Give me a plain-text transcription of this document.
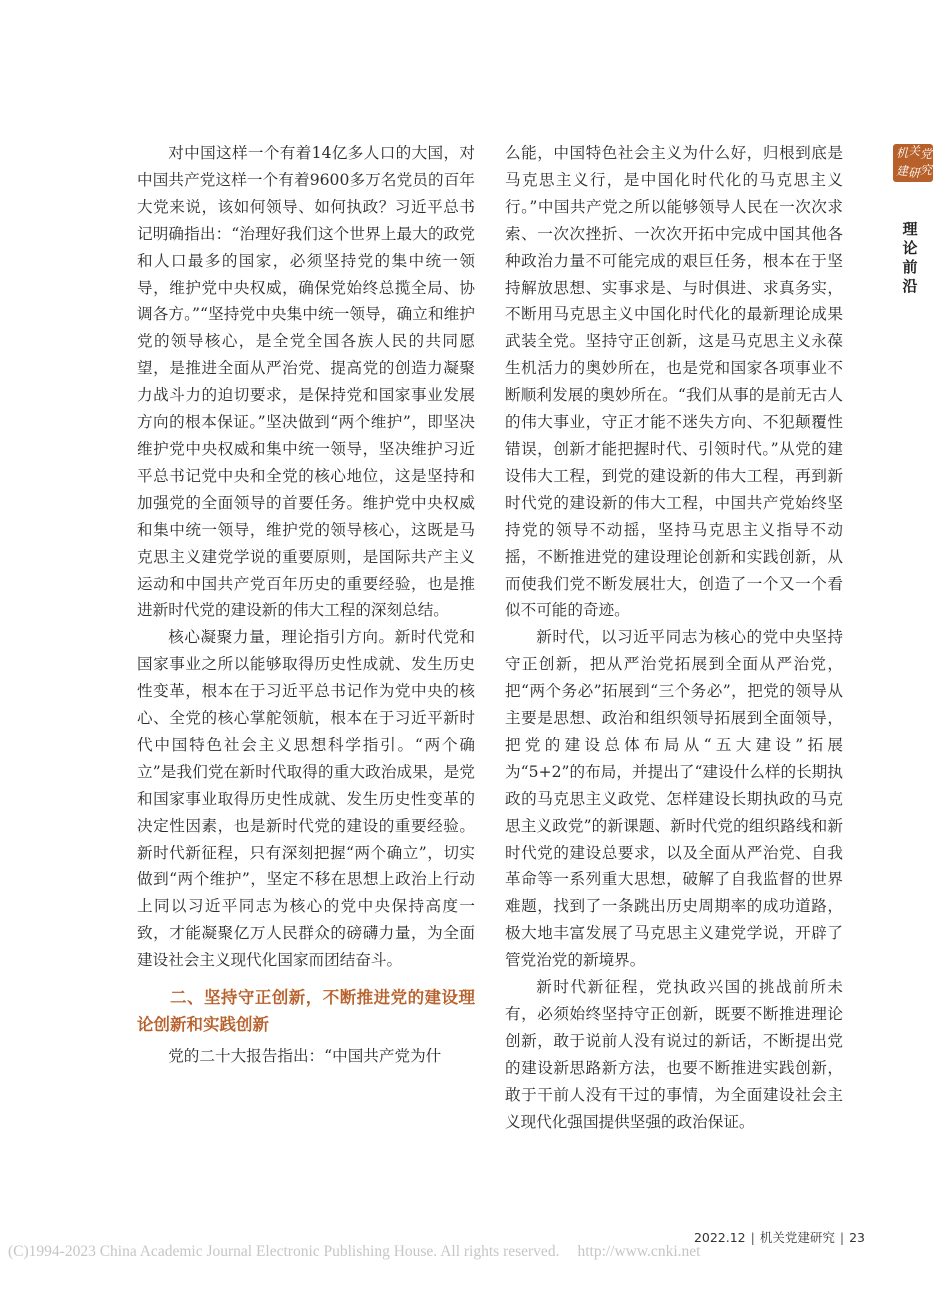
机 关 党
建 研 究
理
论
前
沿

对中国这样一个有着14亿多人口的大国，对中国共产党这样一个有着9600多万名党员的百年大党来说，该如何领导、如何执政？习近平总书记明确指出：“治理好我们这个世界上最大的政党和人口最多的国家，必须坚持党的集中统一领导，维护党中央权威，确保党始终总揽全局、协调各方。”“坚持党中央集中统一领导，确立和维护党的领导核心，是全党全国各族人民的共同愿望，是推进全面从严治党、提高党的创造力凝聚力战斗力的迫切要求，是保持党和国家事业发展方向的根本保证。”坚决做到“两个维护”，即坚决维护党中央权威和集中统一领导，坚决维护习近平总书记党中央和全党的核心地位，这是坚持和加强党的全面领导的首要任务。维护党中央权威和集中统一领导，维护党的领导核心，这既是马克思主义建党学说的重要原则，是国际共产主义运动和中国共产党百年历史的重要经验，也是推进新时代党的建设新的伟大工程的深刻总结。

核心凝聚力量，理论指引方向。新时代党和国家事业之所以能够取得历史性成就、发生历史性变革，根本在于习近平总书记作为党中央的核心、全党的核心掌舵领航，根本在于习近平新时代中国特色社会主义思想科学指引。“两个确立”是我们党在新时代取得的重大政治成果，是党和国家事业取得历史性成就、发生历史性变革的决定性因素，也是新时代党的建设的重要经验。新时代新征程，只有深刻把握“两个确立”，切实做到“两个维护”，坚定不移在思想上政治上行动上同以习近平同志为核心的党中央保持高度一致，才能凝聚亿万人民群众的磅礴力量，为全面建设社会主义现代化国家而团结奋斗。

二、坚持守正创新，不断推进党的建设理论创新和实践创新

党的二十大报告指出：“中国共产党为什

么能，中国特色社会主义为什么好，归根到底是马克思主义行，是中国化时代化的马克思主义行。”中国共产党之所以能够领导人民在一次次求索、一次次挫折、一次次开拓中完成中国其他各种政治力量不可能完成的艰巨任务，根本在于坚持解放思想、实事求是、与时俱进、求真务实，不断用马克思主义中国化时代化的最新理论成果武装全党。坚持守正创新，这是马克思主义永葆生机活力的奥妙所在，也是党和国家各项事业不断顺利发展的奥妙所在。“我们从事的是前无古人的伟大事业，守正才能不迷失方向、不犯颠覆性错误，创新才能把握时代、引领时代。”从党的建设伟大工程，到党的建设新的伟大工程，再到新时代党的建设新的伟大工程，中国共产党始终坚持党的领导不动摇，坚持马克思主义指导不动摇，不断推进党的建设理论创新和实践创新，从而使我们党不断发展壮大，创造了一个又一个看似不可能的奇迹。

新时代，以习近平同志为核心的党中央坚持守正创新，把从严治党拓展到全面从严治党，把“两个务必”拓展到“三个务必”，把党的领导从主要是思想、政治和组织领导拓展到全面领导，把党的建设总体布局从“五大建设”拓展为“5+2”的布局，并提出了“建设什么样的长期执政的马克思主义政党、怎样建设长期执政的马克思主义政党”的新课题、新时代党的组织路线和新时代党的建设总要求，以及全面从严治党、自我革命等一系列重大思想，破解了自我监督的世界难题，找到了一条跳出历史周期率的成功道路，极大地丰富发展了马克思主义建党学说，开辟了管党治党的新境界。

新时代新征程，党执政兴国的挑战前所未有，必须始终坚持守正创新，既要不断推进理论创新，敢于说前人没有说过的新话，不断提出党的建设新思路新方法，也要不断推进实践创新，敢于干前人没有干过的事情，为全面建设社会主义现代化强国提供坚强的政治保证。

2022.12 | 机关党建研究 | 23
(C)1994-2023 China Academic Journal Electronic Publishing House. All rights reserved. http://www.cnki.net
